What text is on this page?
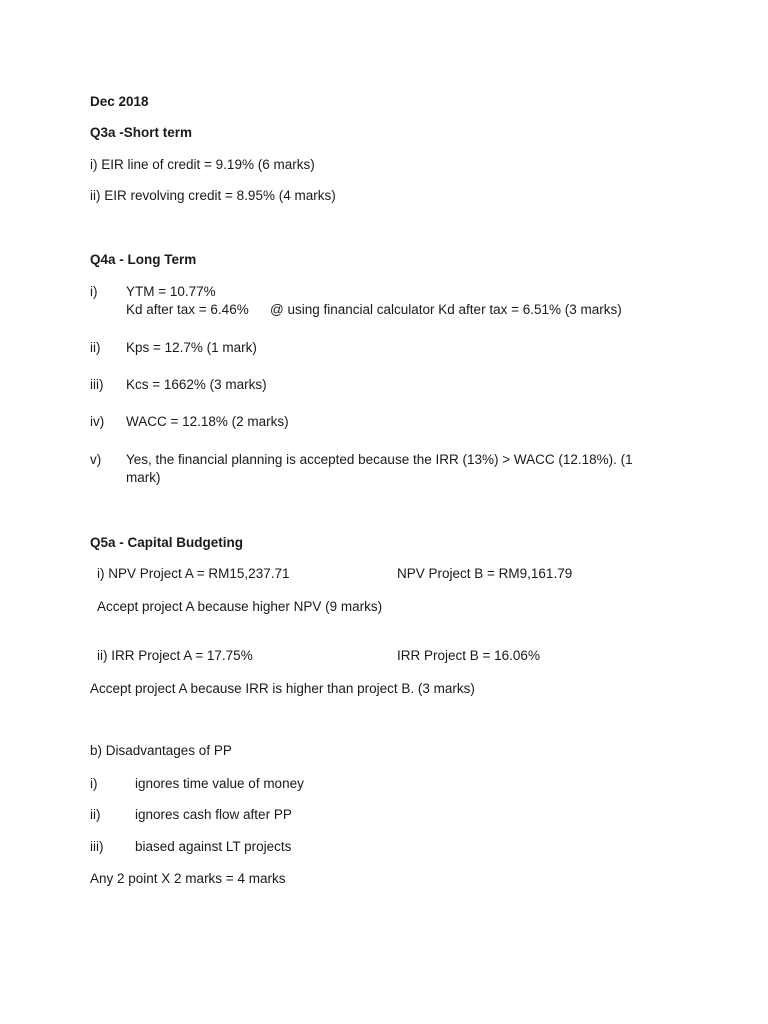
Dec 2018
Q3a -Short term
i) EIR line of credit = 9.19% (6 marks)
ii) EIR revolving credit = 8.95% (4 marks)
Q4a - Long Term
i) YTM = 10.77%
Kd after tax = 6.46% @ using financial calculator Kd after tax = 6.51% (3 marks)
ii) Kps = 12.7% (1 mark)
iii) Kcs = 1662% (3 marks)
iv) WACC = 12.18% (2 marks)
v) Yes, the financial planning is accepted because the IRR (13%) > WACC (12.18%). (1
mark)
Q5a - Capital Budgeting
i) NPV Project A = RM15,237.71	NPV Project B = RM9,161.79
Accept project A because higher NPV (9 marks)
ii) IRR Project A = 17.75%	IRR Project B = 16.06%
Accept project A because IRR is higher than project B. (3 marks)
b) Disadvantages of PP
i)	ignores time value of money
ii)	ignores cash flow after PP
iii) biased against LT projects
Any 2 point X 2 marks = 4 marks
